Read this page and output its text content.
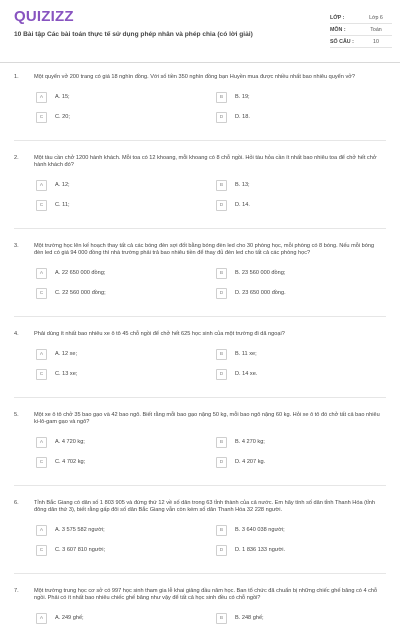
QUIZIZZ
10 Bài tập Các bài toán thực tế sử dụng phép nhân và phép chia (có lời giải)
LỚP :	Lớp 6
MÔN :	Toán
SỐ CÂU :	10
1.	Một quyển vở 200 trang có giá 18 nghìn đồng. Với số tiền 350 nghìn đồng bạn Huyền mua được nhiều nhất bao nhiêu quyển vở?
A	A. 15;	B	B. 19;
C	C. 20;	D	D. 18.
2.	Một tàu cần chở 1200 hành khách. Mỗi toa có 12 khoang, mỗi khoang có 8 chỗ ngồi. Hỏi tàu hỏa cần ít nhất bao nhiêu toa để chở hết chở hành khách đó?
A	A. 12;	B	B. 13;
C	C. 11;	D	D. 14.
3.	Một trường học lên kế hoạch thay tất cả các bóng đèn sợi đốt bằng bóng đèn led cho 30 phòng học, mỗi phòng có 8 bóng. Nếu mỗi bóng đèn led có giá 94 000 đồng thì nhà trường phải trả bao nhiêu tiền để thay đủ đèn led cho tất cả các phòng học?
A	A. 22 650 000 đồng;	B	B. 23 560 000 đồng;
C	C. 22 560 000 đồng;	D	D. 23 650 000 đồng.
4.	Phải dùng ít nhất bao nhiêu xe ô tô 45 chỗ ngồi để chở hết 625 học sinh của một trường đi dã ngoại?
A	A. 12 xe;	B	B. 11 xe;
C	C. 13 xe;	D	D. 14 xe.
5.	Một xe ô tô chở 35 bao gạo và 42 bao ngô. Biết rằng mỗi bao gạo nặng 50 kg, mỗi bao ngô nặng 60 kg. Hỏi xe ô tô đó chở tất cả bao nhiêu ki-lô-gam gạo và ngô?
A	A. 4 720 kg;	B	B. 4 270 kg;
C	C. 4 702 kg;	D	D. 4 207 kg.
6.	Tỉnh Bắc Giang có dân số 1 803 905 và đứng thứ 12 về số dân trong 63 tỉnh thành của cả nước. Em hãy tính số dân tỉnh Thanh Hóa (tỉnh đông dân thứ 3), biết rằng gấp đôi số dân Bắc Giang vẫn còn kém số dân Thanh Hóa 32 228 người.
A	A. 3 575 582 người;	B	B. 3 640 038 người;
C	C. 3 607 810 người;	D	D. 1 836 133 người.
7.	Một trường trung học cơ sở có 997 học sinh tham gia lễ khai giảng đầu năm học. Ban tổ chức đã chuẩn bị những chiếc ghế băng có 4 chỗ ngồi. Phải có ít nhất bao nhiêu chiếc ghế băng như vậy để tất cả học sinh đều có chỗ ngồi?
A	A. 249 ghế;	B	B. 248 ghế;
